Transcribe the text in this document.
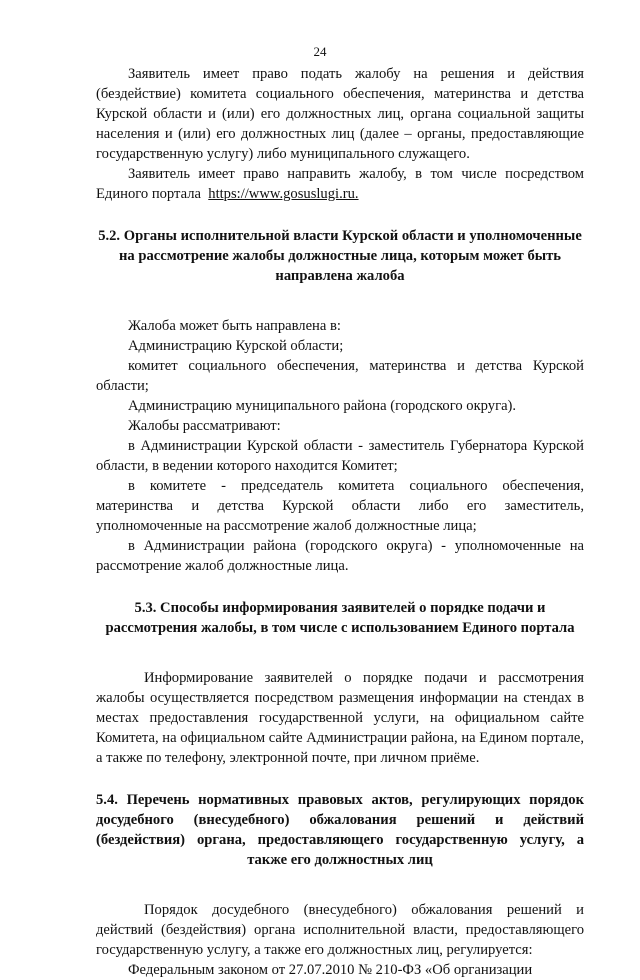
24

Заявитель имеет право подать жалобу на решения и действия (бездействие) комитета социального обеспечения, материнства и детства Курской области и (или) его должностных лиц, органа социальной защиты населения и (или) его должностных лиц (далее – органы, предоставляющие государственную услугу) либо муниципального служащего.

Заявитель имеет право направить жалобу, в том числе посредством Единого портала https://www.gosuslugi.ru.

5.2. Органы исполнительной власти Курской области и уполномоченные на рассмотрение жалобы должностные лица, которым может быть направлена жалоба

Жалоба может быть направлена в:

Администрацию Курской области;

комитет социального обеспечения, материнства и детства Курской области;

Администрацию муниципального района (городского округа).

Жалобы рассматривают:

в Администрации Курской области - заместитель Губернатора Курской области, в ведении которого находится Комитет;

в комитете - председатель комитета социального обеспечения, материнства и детства Курской области либо его заместитель, уполномоченные на рассмотрение жалоб должностные лица;

в Администрации района (городского округа) - уполномоченные на рассмотрение жалоб должностные лица.

5.3. Способы информирования заявителей о порядке подачи и рассмотрения жалобы, в том числе с использованием Единого портала

Информирование заявителей о порядке подачи и рассмотрения жалобы осуществляется посредством размещения информации на стендах в местах предоставления государственной услуги, на официальном сайте Комитета, на официальном сайте Администрации района, на Едином портале, а также по телефону, электронной почте, при личном приёме.

5.4. Перечень нормативных правовых актов, регулирующих порядок досудебного (внесудебного) обжалования решений и действий (бездействия) органа, предоставляющего государственную услугу, а также его должностных лиц

Порядок досудебного (внесудебного) обжалования решений и действий (бездействия) органа исполнительной власти, предоставляющего государственную услугу, а также его должностных лиц, регулируется:

Федеральным законом от 27.07.2010 № 210-ФЗ «Об организации
